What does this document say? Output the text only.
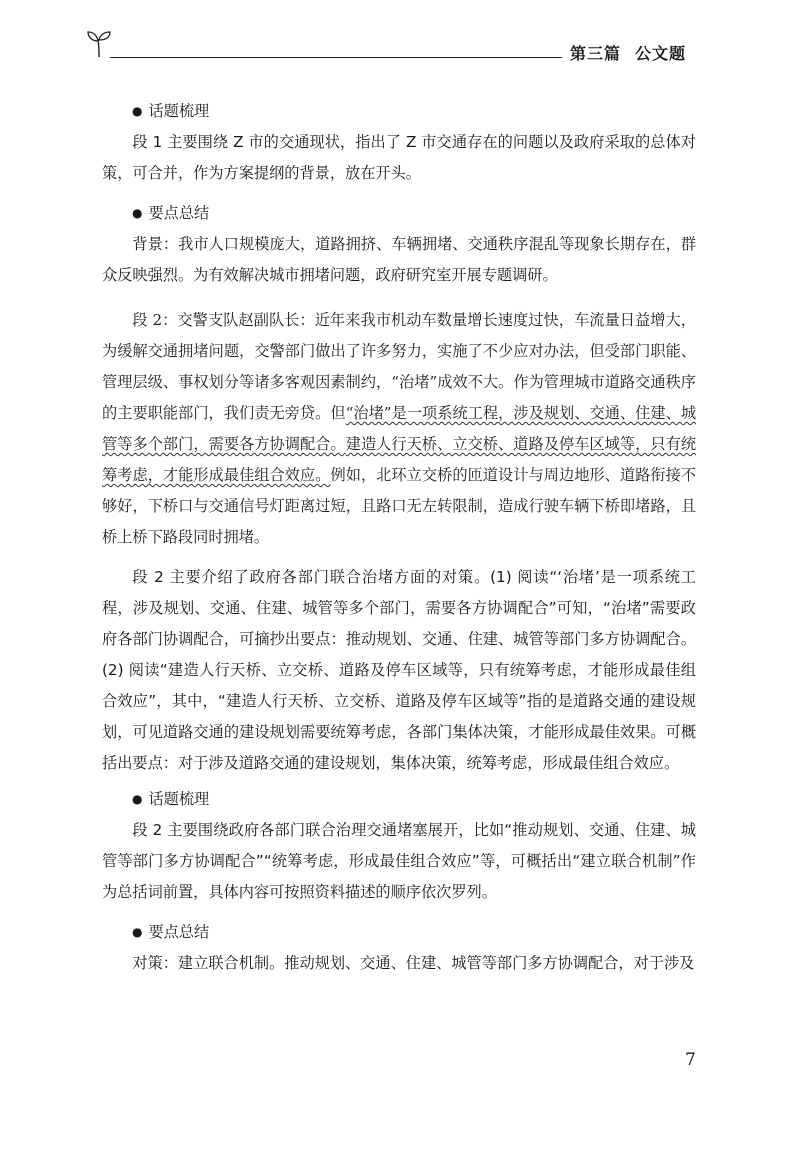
第三篇 公文题

● 话题梳理

段 1 主要围绕 Z 市的交通现状，指出了 Z 市交通存在的问题以及政府采取的总体对策，可合并，作为方案提纲的背景，放在开头。

● 要点总结

背景：我市人口规模庞大，道路拥挤、车辆拥堵、交通秩序混乱等现象长期存在，群众反映强烈。为有效解决城市拥堵问题，政府研究室开展专题调研。

段 2：交警支队赵副队长：近年来我市机动车数量增长速度过快，车流量日益增大，为缓解交通拥堵问题，交警部门做出了许多努力，实施了不少应对办法，但受部门职能、管理层级、事权划分等诸多客观因素制约，“治堵”成效不大。作为管理城市道路交通秩序的主要职能部门，我们责无旁贷。但“治堵”是一项系统工程，涉及规划、交通、住建、城管等多个部门，需要各方协调配合。建造人行天桥、立交桥、道路及停车区域等，只有统筹考虑，才能形成最佳组合效应。例如，北环立交桥的匝道设计与周边地形、道路衔接不够好，下桥口与交通信号灯距离过短，且路口无左转限制，造成行驶车辆下桥即堵路，且桥上桥下路段同时拥堵。

段 2 主要介绍了政府各部门联合治堵方面的对策。(1) 阅读“‘治堵’是一项系统工程，涉及规划、交通、住建、城管等多个部门，需要各方协调配合”可知，“治堵”需要政府各部门协调配合，可摘抄出要点：推动规划、交通、住建、城管等部门多方协调配合。(2) 阅读“建造人行天桥、立交桥、道路及停车区域等，只有统筹考虑，才能形成最佳组合效应”，其中，“建造人行天桥、立交桥、道路及停车区域等”指的是道路交通的建设规划，可见道路交通的建设规划需要统筹考虑，各部门集体决策，才能形成最佳效果。可概括出要点：对于涉及道路交通的建设规划，集体决策，统筹考虑，形成最佳组合效应。

● 话题梳理

段 2 主要围绕政府各部门联合治理交通堵塞展开，比如“推动规划、交通、住建、城管等部门多方协调配合”“统筹考虑，形成最佳组合效应”等，可概括出“建立联合机制”作为总括词前置，具体内容可按照资料描述的顺序依次罗列。

● 要点总结

对策：建立联合机制。推动规划、交通、住建、城管等部门多方协调配合，对于涉及

7
